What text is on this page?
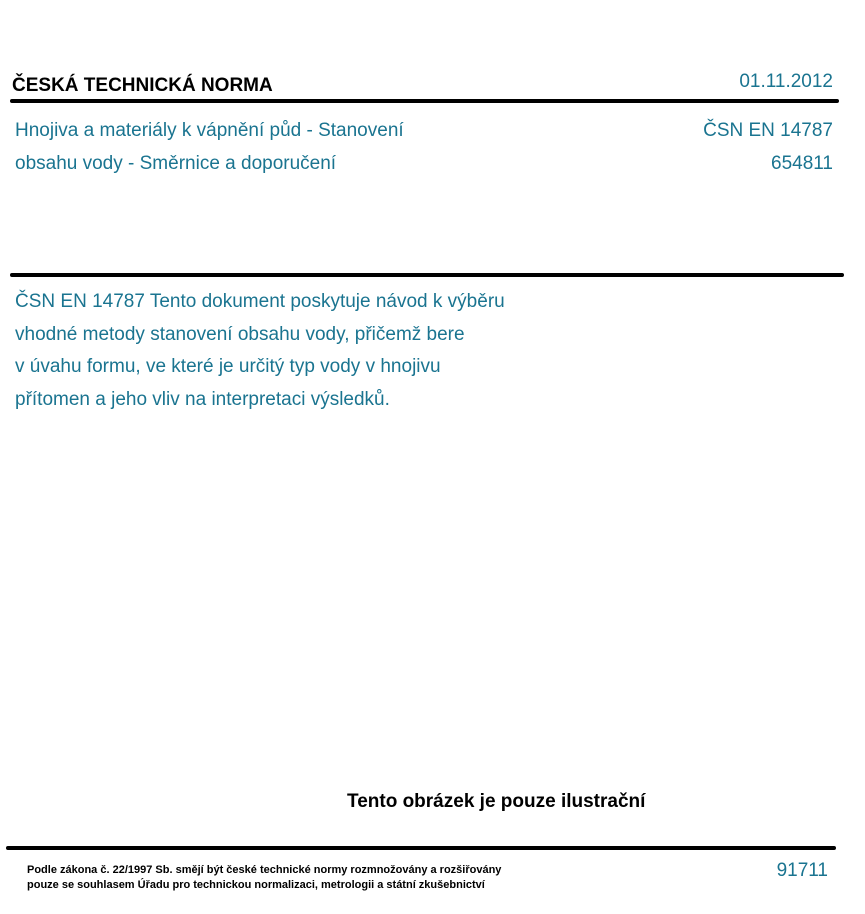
ČESKÁ TECHNICKÁ NORMA	01.11.2012
Hnojiva a materiály k vápnění půd - Stanovení
obsahu vody - Směrnice a doporučení
ČSN EN 14787
654811
ČSN EN 14787 Tento dokument poskytuje návod k výběru
vhodné metody stanovení obsahu vody, přičemž bere
v úvahu formu, ve které je určitý typ vody v hnojivu
přítomen a jeho vliv na interpretaci výsledků.
Tento obrázek je pouze ilustrační
Podle zákona č. 22/1997 Sb. smějí být české technické normy rozmnožovány a rozšiřovány
pouze se souhlasem Úřadu pro technickou normalizaci, metrologii a státní zkušebnictví
91711
